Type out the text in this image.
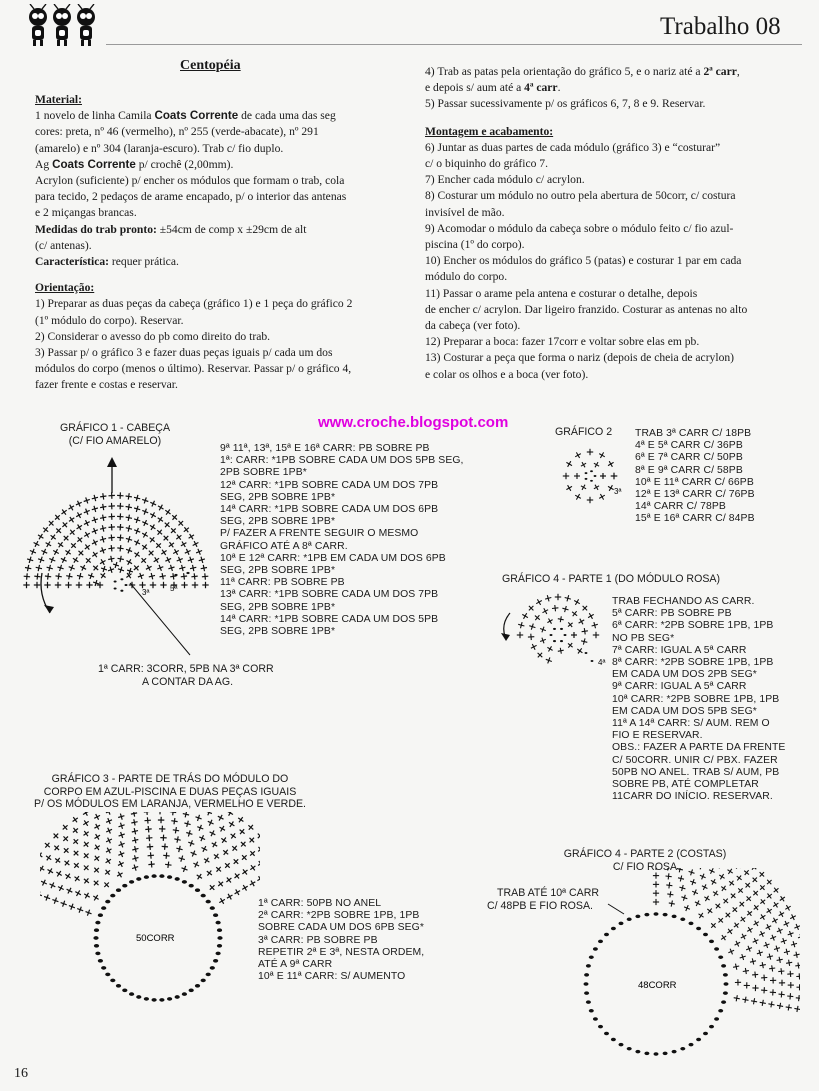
Trabalho 08
Centopéia

Material:

1 novelo de linha Camila Coats Corrente de cada uma das seg
cores: preta, nº 46 (vermelho), nº 255 (verde-abacate), nº 291
(amarelo) e nº 304 (laranja-escuro). Trab c/ fio duplo.
Ag Coats Corrente p/ crochê (2,00mm).
Acrylon (suficiente) p/ encher os módulos que formam o trab, cola
para tecido, 2 pedaços de arame encapado, p/ o interior das antenas
e 2 miçangas brancas.

Medidas do trab pronto: ±54cm de comp x ±29cm de alt

(c/ antenas).

Característica: requer prática.

Orientação:

1) Preparar as duas peças da cabeça (gráfico 1) e 1 peça do gráfico 2
(1º módulo do corpo). Reservar.
2) Considerar o avesso do pb como direito do trab.
3) Passar p/ o gráfico 3 e fazer duas peças iguais p/ cada um dos
módulos do corpo (menos o último). Reservar. Passar p/ o gráfico 4,
fazer frente e costas e reservar.
4) Trab as patas pela orientação do gráfico 5, e o nariz até a 2ª carr,
e depois s/ aum até a 4ª carr.
5) Passar sucessivamente p/ os gráficos 6, 7, 8 e 9. Reservar.

Montagem e acabamento:

6) Juntar as duas partes de cada módulo (gráfico 3) e “costurar”
c/ o biquinho do gráfico 7.
7) Encher cada módulo c/ acrylon.
8) Costurar um módulo no outro pela abertura de 50corr, c/ costura
invisível de mão.
9) Acomodar o módulo da cabeça sobre o módulo feito c/ fio azul-
piscina (1º do corpo).
10) Encher os módulos do gráfico 5 (patas) e costurar 1 par em cada
módulo do corpo.
11) Passar o arame pela antena e costurar o detalhe, depois
de encher c/ acrylon. Dar ligeiro franzido. Costurar as antenas no alto
da cabeça (ver foto).
12) Preparar a boca: fazer 17corr e voltar sobre elas em pb.
13) Costurar a peça que forma o nariz (depois de cheia de acrylon)
e colar os olhos e a boca (ver foto).
www.croche.blogspot.com
GRÁFICO 1 - CABEÇA
(C/ FIO AMARELO)
3ª	5ª
9ª 11ª, 13ª, 15ª E 16ª CARR: PB SOBRE PB
1ª: CARR: *1PB SOBRE CADA UM DOS 5PB SEG,
2PB SOBRE 1PB*
12ª CARR: *1PB SOBRE CADA UM DOS 7PB
SEG, 2PB SOBRE 1PB*
14ª CARR: *1PB SOBRE CADA UM DOS 6PB
SEG, 2PB SOBRE 1PB*
P/ FAZER A FRENTE SEGUIR O MESMO
GRÁFICO ATÉ A 8ª CARR.
10ª E 12ª CARR: *1PB EM CADA UM DOS 6PB
SEG, 2PB SOBRE 1PB*
11ª CARR: PB SOBRE PB
13ª CARR: *1PB SOBRE CADA UM DOS 7PB
SEG, 2PB SOBRE 1PB*
14ª CARR: *1PB SOBRE CADA UM DOS 5PB
SEG, 2PB SOBRE 1PB*
1ª CARR: 3CORR, 5PB NA 3ª CORR
A CONTAR DA AG.
GRÁFICO 2
3ª
TRAB 3ª CARR C/ 18PB
4ª E 5ª CARR C/ 36PB
6ª E 7ª CARR C/ 50PB
8ª E 9ª CARR C/ 58PB
10ª E 11ª CARR C/ 66PB
12ª E 13ª CARR C/ 76PB
14ª CARR C/ 78PB
15ª E 16ª CARR C/ 84PB
GRÁFICO 4 - PARTE 1 (DO MÓDULO ROSA)
4ª
TRAB FECHANDO AS CARR.
5ª CARR: PB SOBRE PB
6ª CARR: *2PB SOBRE 1PB, 1PB
NO PB SEG*
7ª CARR: IGUAL A 5ª CARR
8ª CARR: *2PB SOBRE 1PB, 1PB
EM CADA UM DOS 2PB SEG*
9ª CARR: IGUAL A 5ª CARR
10ª CARR: *2PB SOBRE 1PB, 1PB
EM CADA UM DOS 5PB SEG*
11ª A 14ª CARR: S/ AUM. REM O
FIO E RESERVAR.
OBS.: FAZER A PARTE DA FRENTE
C/ 50CORR. UNIR C/ PBX. FAZER
50PB NO ANEL. TRAB S/ AUM, PB
SOBRE PB, ATÉ COMPLETAR
11CARR DO INÍCIO. RESERVAR.
GRÁFICO 3 - PARTE DE TRÁS DO MÓDULO DO
CORPO EM AZUL-PISCINA E DUAS PEÇAS IGUAIS
P/ OS MÓDULOS EM LARANJA, VERMELHO E VERDE.
50CORR
1ª CARR: 50PB NO ANEL
2ª CARR: *2PB SOBRE 1PB, 1PB
SOBRE CADA UM DOS 6PB SEG*
3ª CARR: PB SOBRE PB
REPETIR 2ª E 3ª, NESTA ORDEM,
ATÉ A 9ª CARR
10ª E 11ª CARR: S/ AUMENTO
GRÁFICO 4 - PARTE 2 (COSTAS)
C/ FIO ROSA
TRAB ATÉ 10ª CARR
C/ 48PB E FIO ROSA.
48CORR
16
